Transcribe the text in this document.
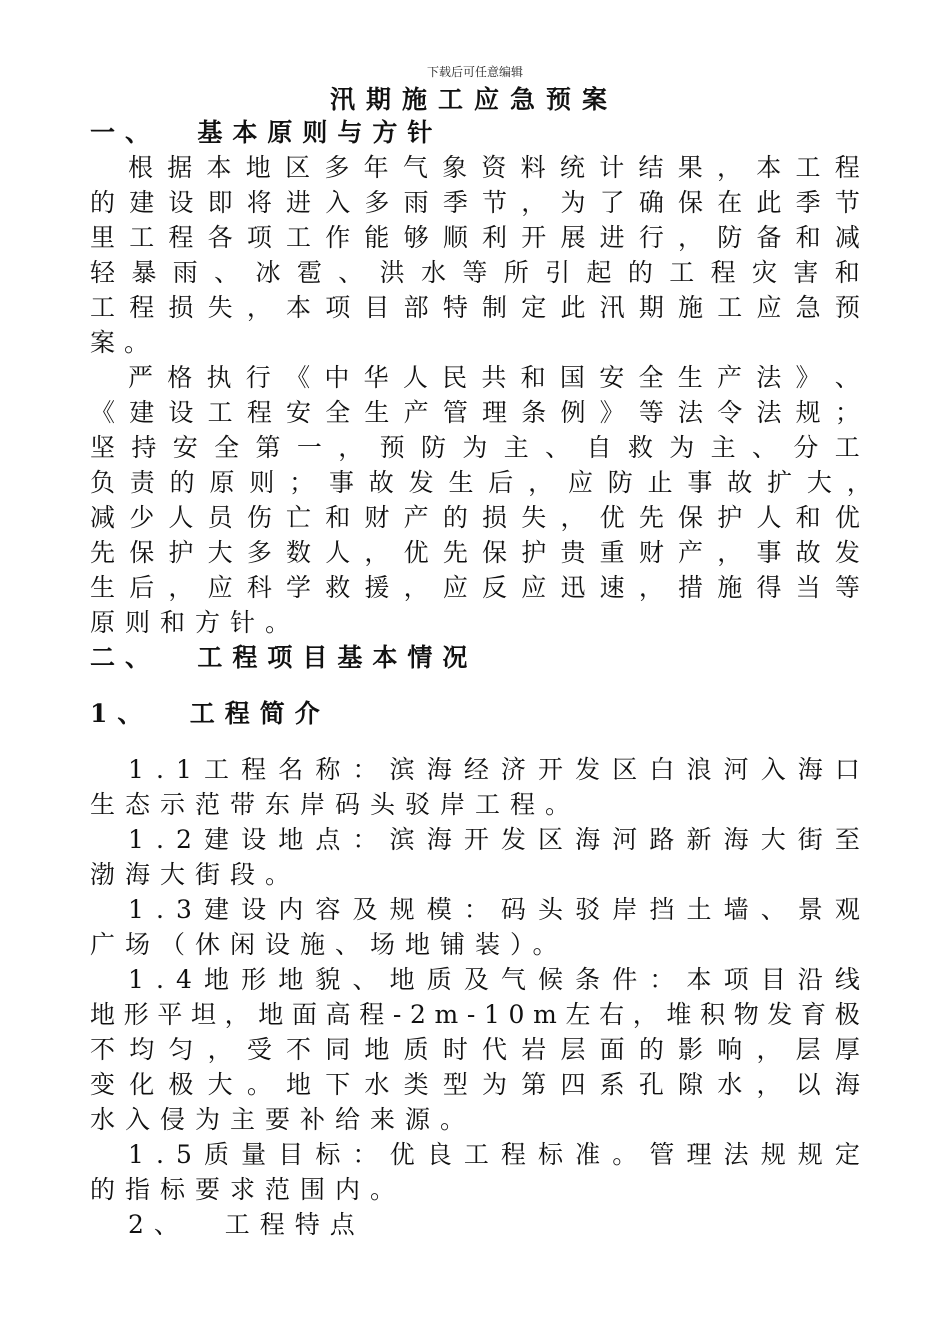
下载后可任意编辑
汛期施工应急预案
一、  基本原则与方针
根 据 本 地 区 多 年 气 象 资 料 统 计 结 果 ， 本 工 程
的 建 设 即 将 进 入 多 雨 季 节 ， 为 了 确 保 在 此 季 节
里 工 程 各 项 工 作 能 够 顺 利 开 展 进 行 ， 防 备 和 减
轻 暴 雨 、 冰 雹 、 洪 水 等 所 引 起 的 工 程 灾 害 和
工 程 损 失 ， 本 项 目 部 特 制 定 此 汛 期 施 工 应 急 预
案。
严 格 执 行 《 中 华 人 民 共 和 国 安 全 生 产 法 》 、
《 建 设 工 程 安 全 生 产 管 理 条 例 》 等 法 令 法 规 ；
坚 持 安 全 第 一 ， 预 防 为 主 、 自 救 为 主 、 分 工
负 责 的 原 则 ； 事 故 发 生 后 ， 应 防 止 事 故 扩 大 ，
减 少 人 员 伤 亡 和 财 产 的 损 失 ， 优 先 保 护 人 和 优
先 保 护 大 多 数 人 ， 优 先 保 护 贵 重 财 产 ， 事 故 发
生 后 ， 应 科 学 救 援 ， 应 反 应 迅 速 ， 措 施 得 当 等
原则和方针。
二、  工程项目基本情况
1、  工程简介
1 . 1 工 程 名 称 ： 滨 海 经 济 开 发 区 白 浪 河 入 海 口
生态示范带东岸码头驳岸工程。
1 . 2 建 设 地 点 ： 滨 海 开 发 区 海 河 路 新 海 大 街 至
渤海大街段。
1 . 3 建 设 内 容 及 规 模 ： 码 头 驳 岸 挡 土 墙 、 景 观
广场（休闲设施、场地铺装）。
1 . 4 地 形 地 貌 、 地 质 及 气 候 条 件 ： 本 项 目 沿 线
地 形 平 坦 ， 地 面 高 程 - 2 m - 1 0 m 左 右 ， 堆 积 物 发 育 极
不 均 匀 ， 受 不 同 地 质 时 代 岩 层 面 的 影 响 ， 层 厚
变 化 极 大 。 地 下 水 类 型 为 第 四 系 孔 隙 水 ， 以 海
水入侵为主要补给来源。
1 . 5 质 量 目 标 ： 优 良 工 程 标 准 。 管 理 法 规 规 定
的指标要求范围内。
2、  工程特点
